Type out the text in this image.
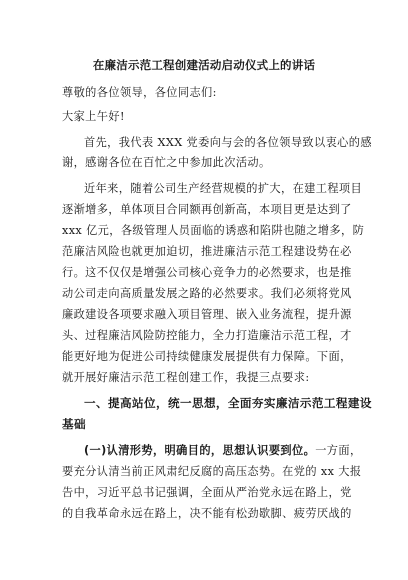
在廉洁示范工程创建活动启动仪式上的讲话
尊敬的各位领导，各位同志们:
大家上午好!
首先，我代表 XXX 党委向与会的各位领导致以衷心的感
谢，感谢各位在百忙之中参加此次活动。
近年来，随着公司生产经营规模的扩大，在建工程项目
逐渐增多，单体项目合同额再创新高，本项目更是达到了
xxx 亿元，各级管理人员面临的诱惑和陷阱也随之增多，防
范廉洁风险也就更加迫切，推进廉洁示范工程建设势在必
行。这不仅仅是增强公司核心竞争力的必然要求，也是推
动公司走向高质量发展之路的必然要求。我们必须将党风
廉政建设各项要求融入项目管理、嵌入业务流程，提升源
头、过程廉洁风险防控能力，全力打造廉洁示范工程，才
能更好地为促进公司持续健康发展提供有力保障。下面，
就开展好廉洁示范工程创建工作，我提三点要求:
一、提高站位，统一思想，全面夯实廉洁示范工程建设
基础
(一)认清形势，明确目的，思想认识要到位。一方面，
要充分认清当前正风肃纪反腐的高压态势。在党的 xx 大报
告中，习近平总书记强调，全面从严治党永远在路上，党
的自我革命永远在路上，决不能有松劲歇脚、疲劳厌战的
